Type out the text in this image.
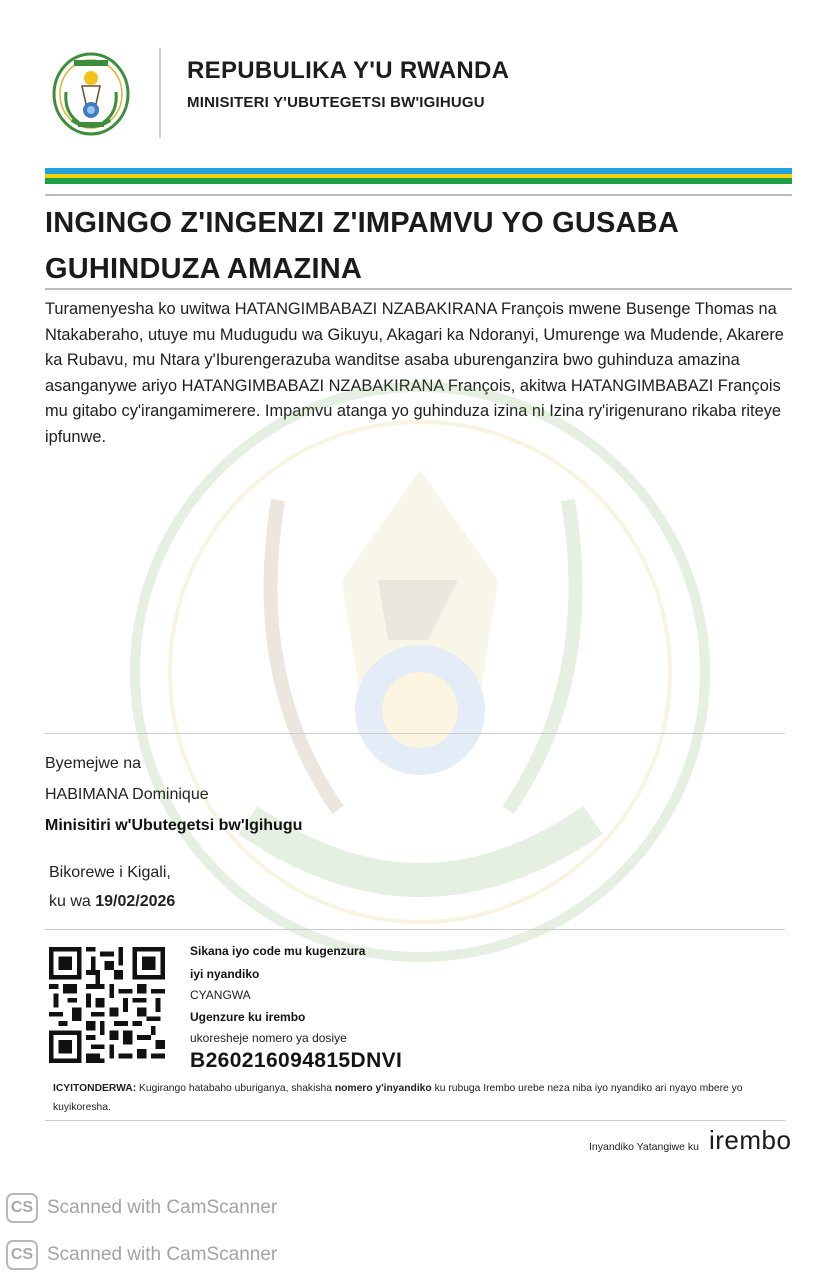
REPUBULIKA Y'U RWANDA
MINISITERI Y'UBUTEGETSI BW'IGIHUGU
INGINGO Z'INGENZI Z'IMPAMVU YO GUSABA GUHINDUZA AMAZINA
Turamenyesha ko uwitwa HATANGIMBABAZI NZABAKIRANA François mwene Busenge Thomas na Ntakaberaho, utuye mu Mudugudu wa Gikuyu, Akagari ka Ndoranyi, Umurenge wa Mudende, Akarere ka Rubavu, mu Ntara y'Iburengerazuba wanditse asaba uburenganzira bwo guhinduza amazina asanganywe ariyo HATANGIMBABAZI NZABAKIRANA François, akitwa HATANGIMBABAZI François mu gitabo cy'irangamimerere. Impamvu atanga yo guhinduza izina ni Izina ry'irigenurano rikaba riteye ipfunwe.
Byemejwe na
HABIMANA Dominique
Minisitiri w'Ubutegetsi bw'Igihugu
Bikorewe i Kigali,
ku wa 19/02/2026
Sikana iyo code mu kugenzura
iyi nyandiko
CYANGWA
Ugenzure ku irembo
ukoresheje nomero ya dosiye
B260216094815DNVI
ICYITONDERWA: Kugirango hatabaho uburiganya, shakisha nomero y'inyandiko ku rubuga Irembo urebe neza niba iyo nyandiko ari nyayo mbere yo kuyikoresha.
Inyandiko Yatangiwe ku irembo
CS Scanned with CamScanner
CS Scanned with CamScanner
